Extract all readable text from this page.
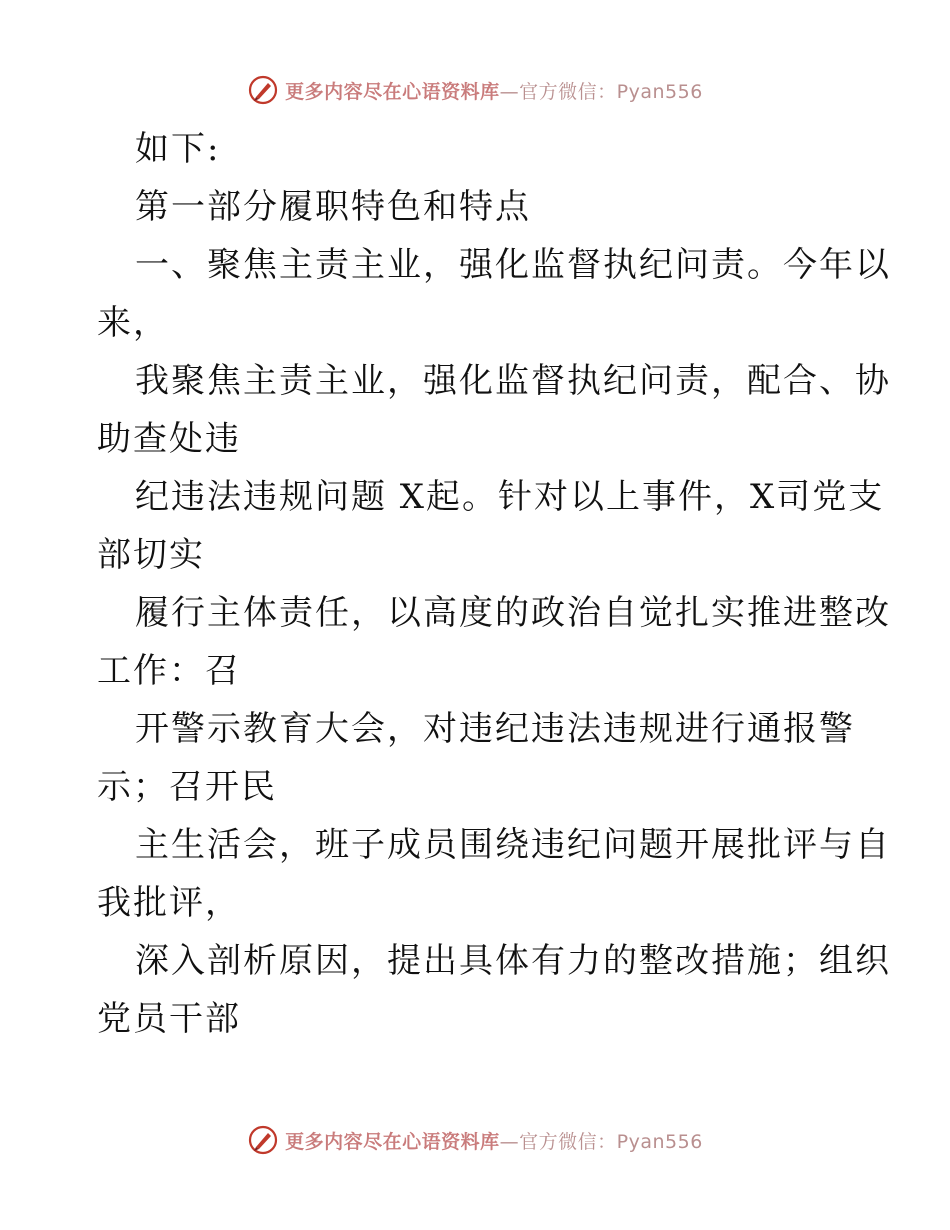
更多内容尽在心语资料库—官方微信：Pyan556
如下:
第一部分履职特色和特点
一、聚焦主责主业，强化监督执纪问责。今年以
来，
我聚焦主责主业，强化监督执纪问责，配合、协
助查处违
纪违法违规问题 X起。针对以上事件，X司党支
部切实
履行主体责任，以高度的政治自觉扎实推进整改
工作：召
开警示教育大会，对违纪违法违规进行通报警
示；召开民
主生活会，班子成员围绕违纪问题开展批评与自
我批评，
深入剖析原因，提出具体有力的整改措施；组织
党员干部
更多内容尽在心语资料库—官方微信：Pyan556
